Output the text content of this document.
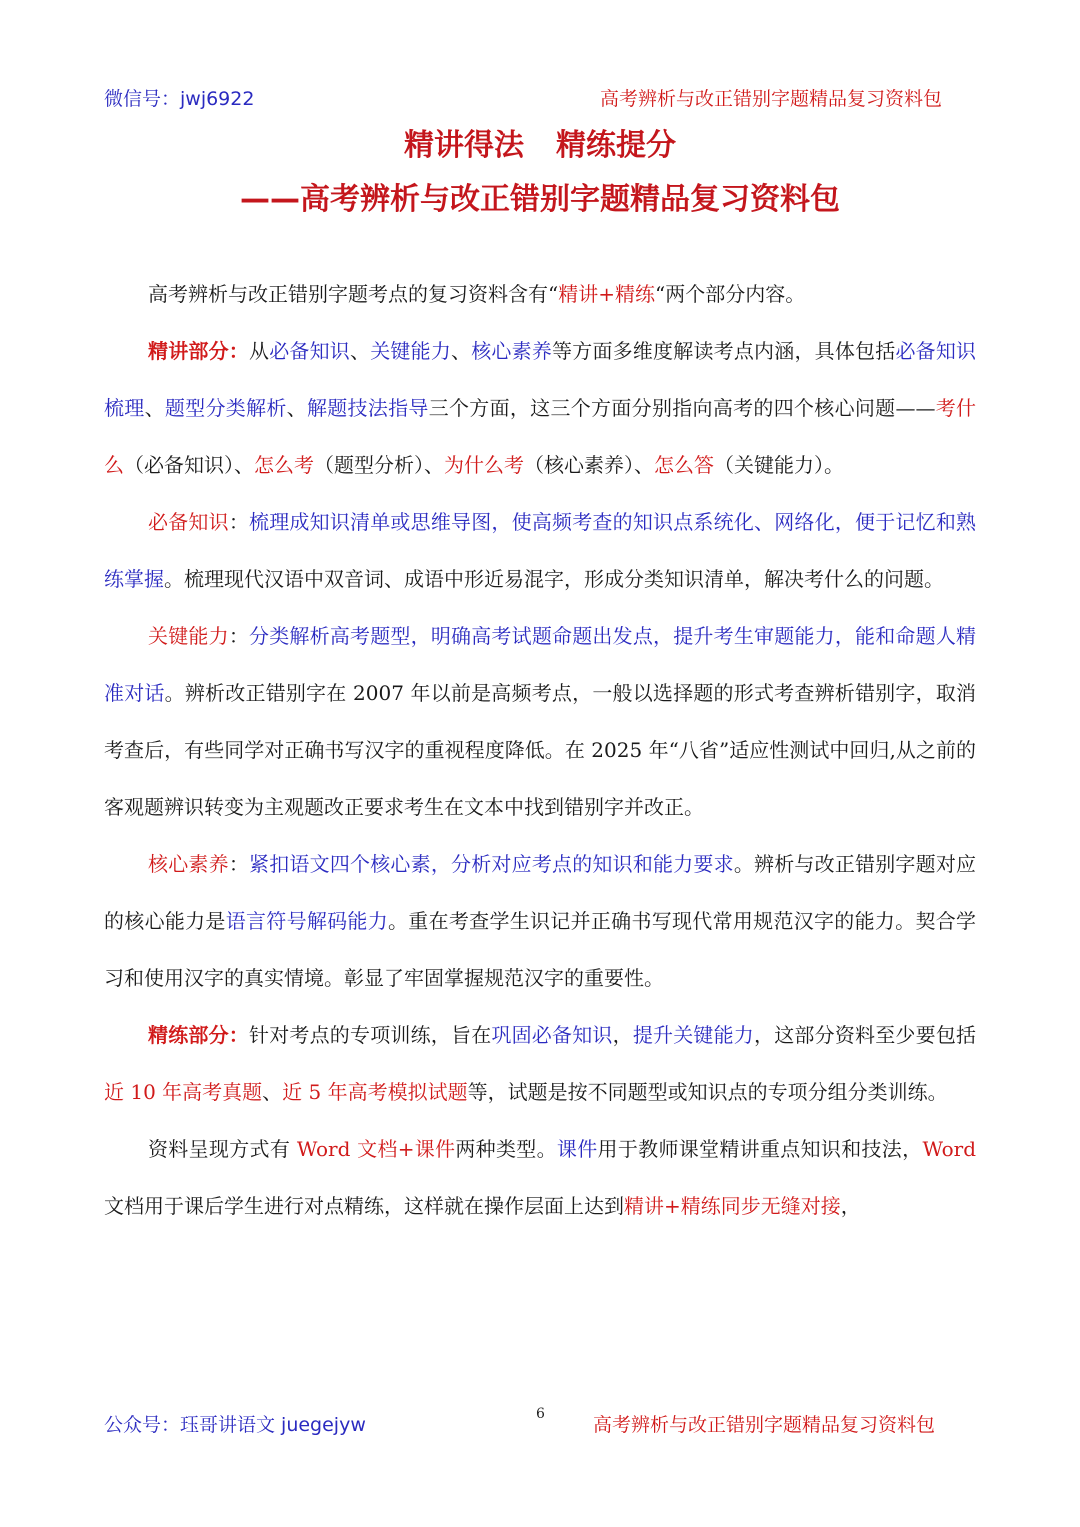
微信号：jwj6922	高考辨析与改正错别字题精品复习资料包
精讲得法 精练提分
——高考辨析与改正错别字题精品复习资料包

高考辨析与改正错别字题考点的复习资料含有“精讲+精练“两个部分内容。

精讲部分：从必备知识、关键能力、核心素养等方面多维度解读考点内涵，具体包括必备知识梳理、题型分类解析、解题技法指导三个方面，这三个方面分别指向高考的四个核心问题——考什么（必备知识）、怎么考（题型分析）、为什么考（核心素养）、怎么答（关键能力）。

必备知识：梳理成知识清单或思维导图，使高频考查的知识点系统化、网络化，便于记忆和熟练掌握。梳理现代汉语中双音词、成语中形近易混字，形成分类知识清单，解决考什么的问题。

关键能力：分类解析高考题型，明确高考试题命题出发点，提升考生审题能力，能和命题人精准对话。辨析改正错别字在 2007 年以前是高频考点，一般以选择题的形式考查辨析错别字，取消考查后，有些同学对正确书写汉字的重视程度降低。在 2025 年“八省”适应性测试中回归,从之前的客观题辨识转变为主观题改正要求考生在文本中找到错别字并改正。

核心素养：紧扣语文四个核心素，分析对应考点的知识和能力要求。辨析与改正错别字题对应的核心能力是语言符号解码能力。重在考查学生识记并正确书写现代常用规范汉字的能力。契合学习和使用汉字的真实情境。彰显了牢固掌握规范汉字的重要性。

精练部分：针对考点的专项训练，旨在巩固必备知识，提升关键能力，这部分资料至少要包括近 10 年高考真题、近 5 年高考模拟试题等，试题是按不同题型或知识点的专项分组分类训练。

资料呈现方式有 Word 文档+课件两种类型。课件用于教师课堂精讲重点知识和技法，Word 文档用于课后学生进行对点精练，这样就在操作层面上达到精讲+精练同步无缝对接，

公众号：珏哥讲语文 juegejyw	6	高考辨析与改正错别字题精品复习资料包
